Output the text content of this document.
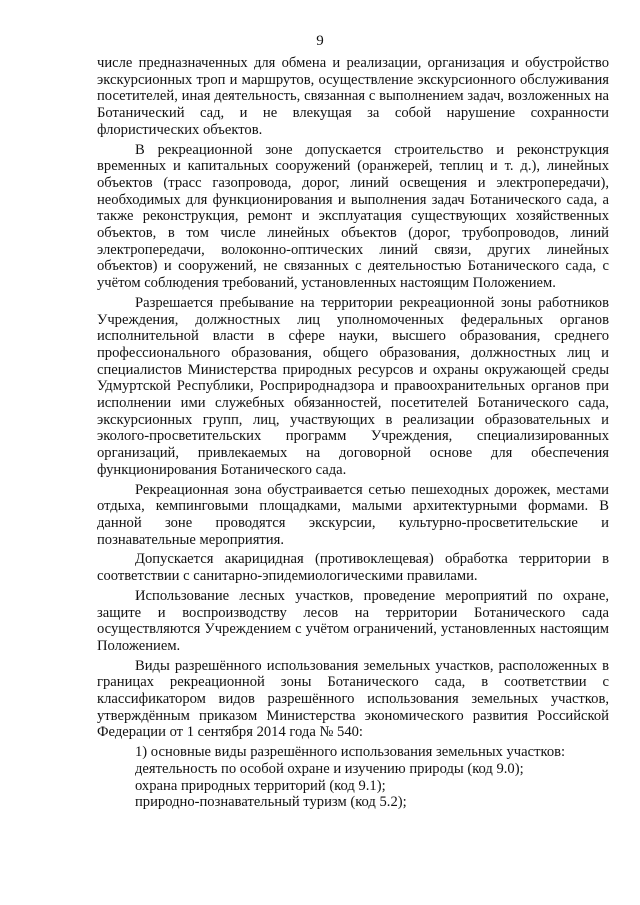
9

числе предназначенных для обмена и реализации, организация и обустройство экскурсионных троп и маршрутов, осуществление экскурсионного обслуживания посетителей, иная деятельность, связанная с выполнением задач, возложенных на Ботанический сад, и не влекущая за собой нарушение сохранности флористических объектов.

В рекреационной зоне допускается строительство и реконструкция временных и капитальных сооружений (оранжерей, теплиц и т. д.), линейных объектов (трасс газопровода, дорог, линий освещения и электропередачи), необходимых для функционирования и выполнения задач Ботанического сада, а также реконструкция, ремонт и эксплуатация существующих хозяйственных объектов, в том числе линейных объектов (дорог, трубопроводов, линий электропередачи, волоконно-оптических линий связи, других линейных объектов) и сооружений, не связанных с деятельностью Ботанического сада, с учётом соблюдения требований, установленных настоящим Положением.

Разрешается пребывание на территории рекреационной зоны работников Учреждения, должностных лиц уполномоченных федеральных органов исполнительной власти в сфере науки, высшего образования, среднего профессионального образования, общего образования, должностных лиц и специалистов Министерства природных ресурсов и охраны окружающей среды Удмуртской Республики, Росприроднадзора и правоохранительных органов при исполнении ими служебных обязанностей, посетителей Ботанического сада, экскурсионных групп, лиц, участвующих в реализации образовательных и эколого-просветительских программ Учреждения, специализированных организаций, привлекаемых на договорной основе для обеспечения функционирования Ботанического сада.

Рекреационная зона обустраивается сетью пешеходных дорожек, местами отдыха, кемпинговыми площадками, малыми архитектурными формами. В данной зоне проводятся экскурсии, культурно-просветительские и познавательные мероприятия.

Допускается акарицидная (противоклещевая) обработка территории в соответствии с санитарно-эпидемиологическими правилами.

Использование лесных участков, проведение мероприятий по охране, защите и воспроизводству лесов на территории Ботанического сада осуществляются Учреждением с учётом ограничений, установленных настоящим Положением.

Виды разрешённого использования земельных участков, расположенных в границах рекреационной зоны Ботанического сада, в соответствии с классификатором видов разрешённого использования земельных участков, утверждённым приказом Министерства экономического развития Российской Федерации от 1 сентября 2014 года № 540:

1) основные виды разрешённого использования земельных участков:

деятельность по особой охране и изучению природы (код 9.0);

охрана природных территорий (код 9.1);

природно-познавательный туризм (код 5.2);
